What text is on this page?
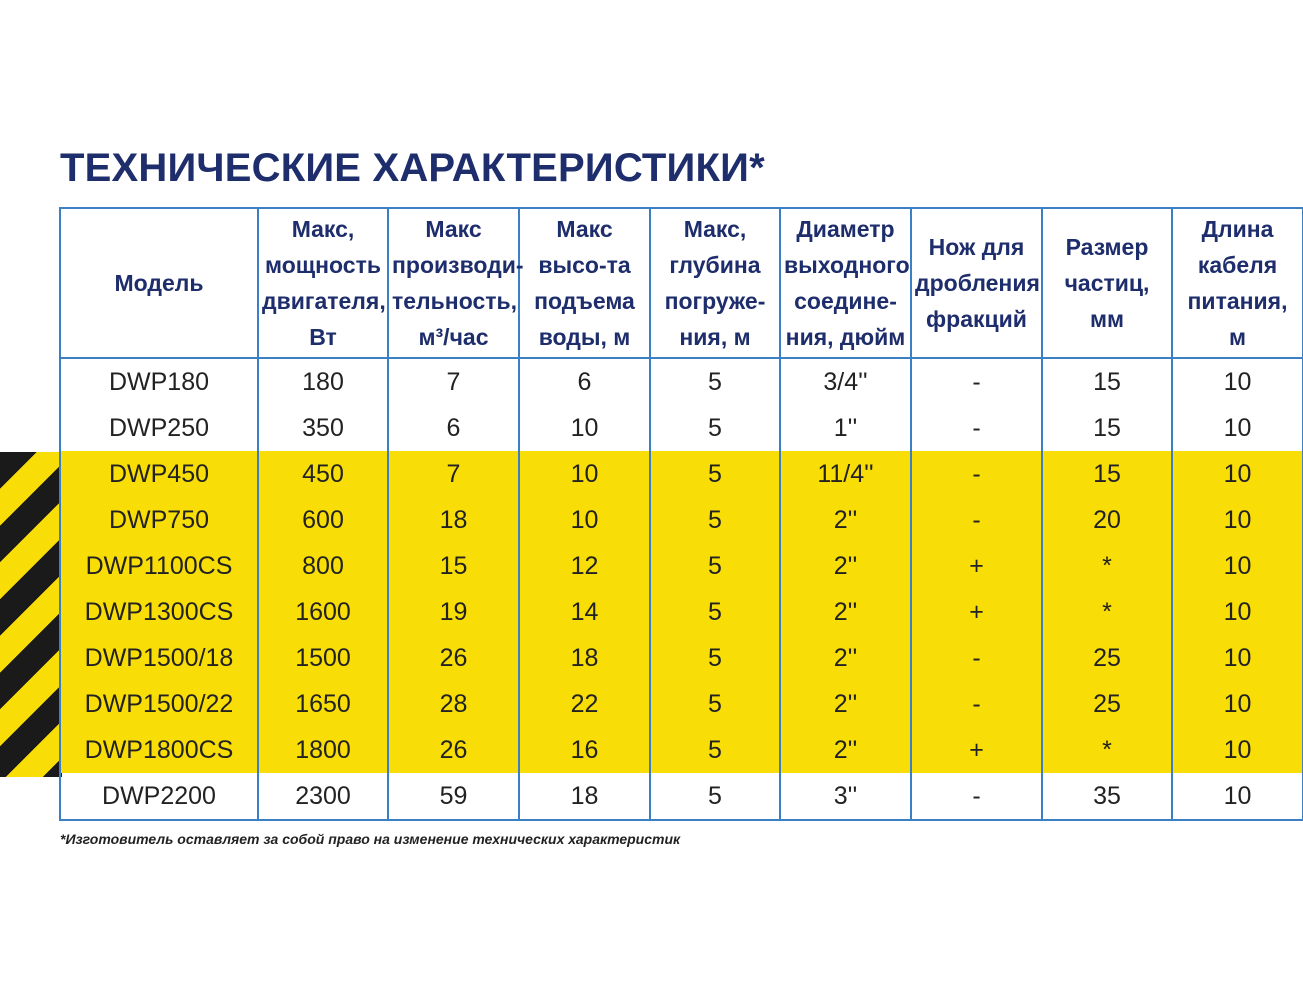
ТЕХНИЧЕСКИЕ ХАРАКТЕРИСТИКИ*
Модель	Макс, мощность двигателя, Вт	Макс производи-тельность, м³/час	Макс высо-та подъема воды, м	Макс, глубина погруже-ния, м	Диаметр выходного соедине-ния, дюйм	Нож для дробления фракций	Размер частиц, мм	Длина кабеля питания, м
DWP180	180	7	6	5	3/4''	-	15	10
DWP250	350	6	10	5	1''	-	15	10
DWP450	450	7	10	5	11/4''	-	15	10
DWP750	600	18	10	5	2''	-	20	10
DWP1100CS	800	15	12	5	2''	+	*	10
DWP1300CS	1600	19	14	5	2''	+	*	10
DWP1500/18	1500	26	18	5	2''	-	25	10
DWP1500/22	1650	28	22	5	2''	-	25	10
DWP1800CS	1800	26	16	5	2''	+	*	10
DWP2200	2300	59	18	5	3''	-	35	10

*Изготовитель оставляет за собой право на изменение технических характеристик
